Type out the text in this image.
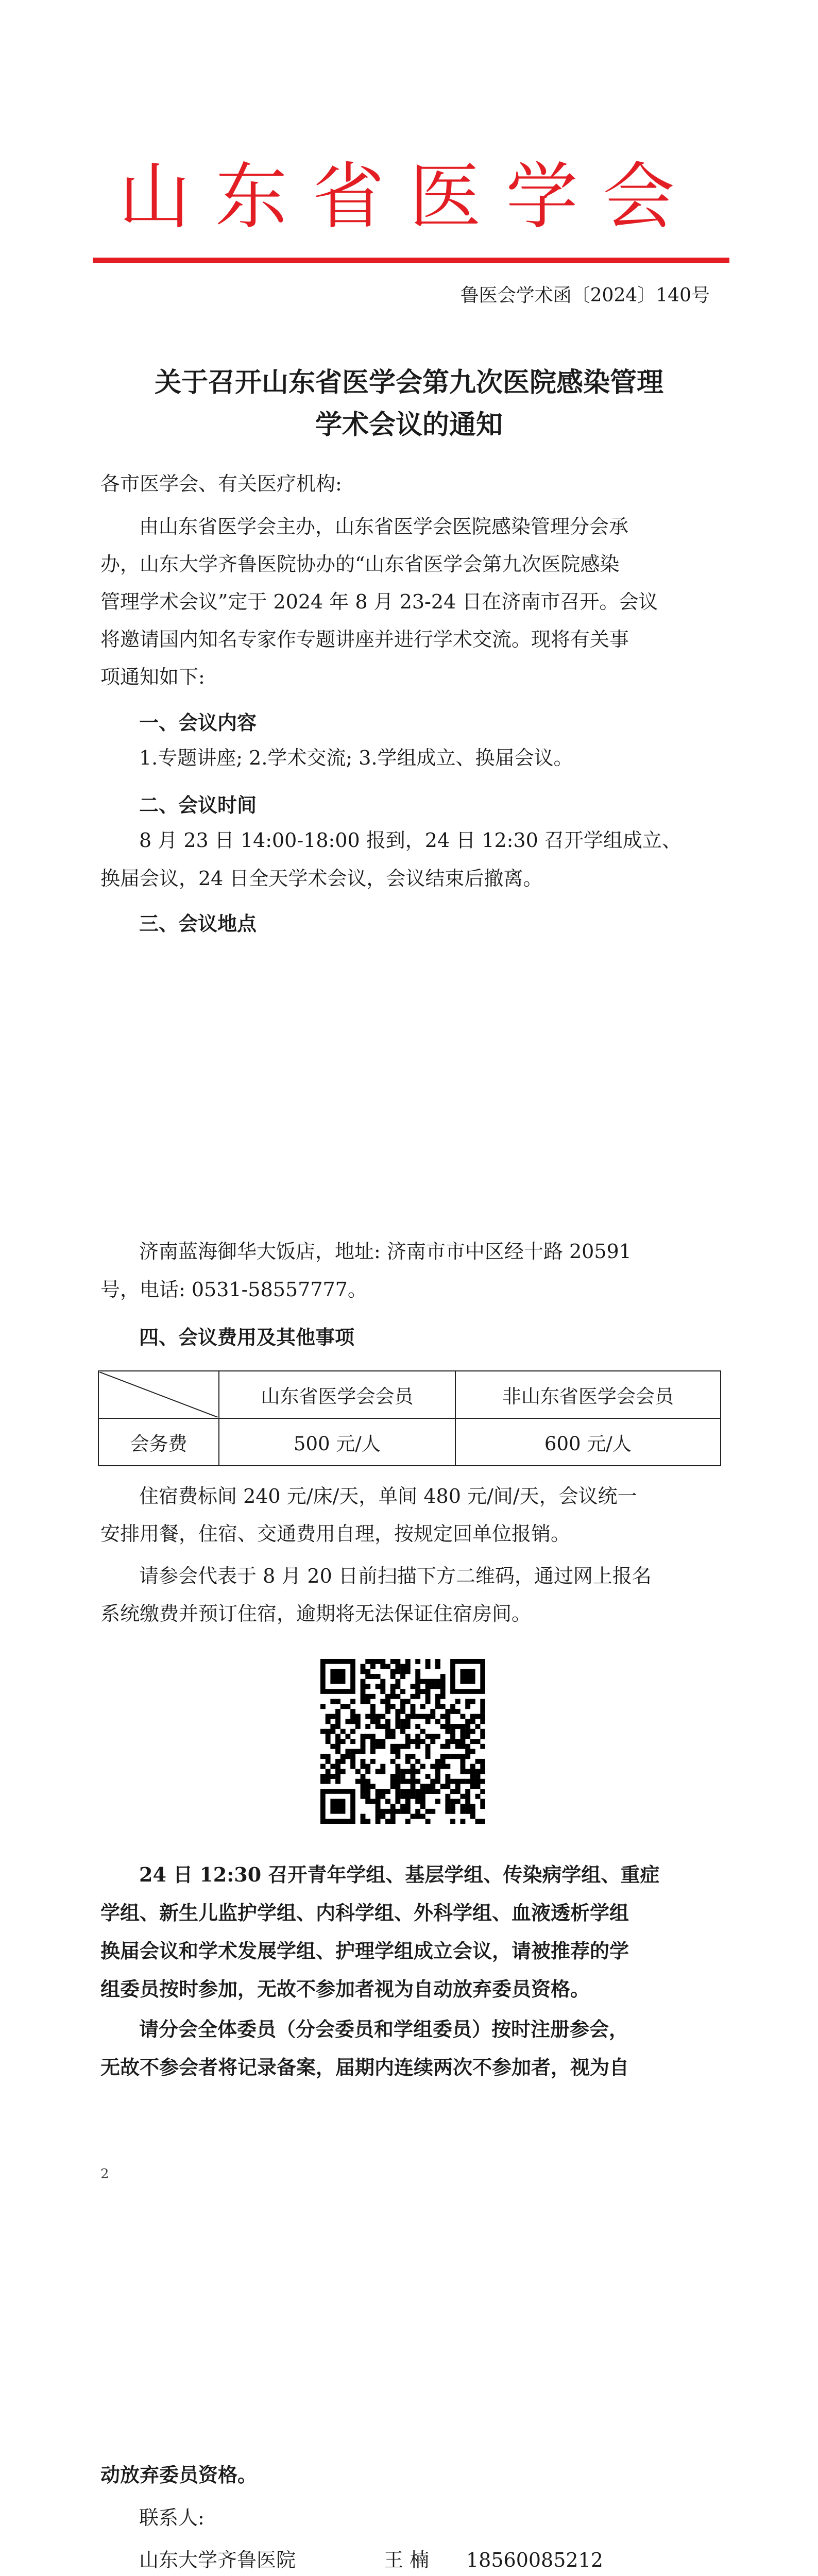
山东省医学会
鲁医会学术函〔2024〕140号
关于召开山东省医学会第九次医院感染管理
学术会议的通知
各市医学会、有关医疗机构:
由山东省医学会主办，山东省医学会医院感染管理分会承
办，山东大学齐鲁医院协办的“山东省医学会第九次医院感染
管理学术会议”定于 2024 年 8 月 23-24 日在济南市召开。会议
将邀请国内知名专家作专题讲座并进行学术交流。现将有关事
项通知如下:
一、会议内容
1.专题讲座; 2.学术交流; 3.学组成立、换届会议。
二、会议时间
8 月 23 日 14:00-18:00 报到，24 日 12:30 召开学组成立、
换届会议，24 日全天学术会议，会议结束后撤离。
三、会议地点
济南蓝海御华大饭店，地址: 济南市市中区经十路 20591
号，电话: 0531-58557777。
四、会议费用及其他事项
	山东省医学会会员	非山东省医学会会员
会务费	500 元/人	600 元/人
住宿费标间 240 元/床/天，单间 480 元/间/天，会议统一
安排用餐，住宿、交通费用自理，按规定回单位报销。
请参会代表于 8 月 20 日前扫描下方二维码，通过网上报名
系统缴费并预订住宿，逾期将无法保证住宿房间。
24 日 12:30 召开青年学组、基层学组、传染病学组、重症
学组、新生儿监护学组、内科学组、外科学组、血液透析学组
换届会议和学术发展学组、护理学组成立会议，请被推荐的学
组委员按时参加，无故不参加者视为自动放弃委员资格。
请分会全体委员（分会委员和学组委员）按时注册参会，
无故不参会者将记录备案，届期内连续两次不参加者，视为自
2
动放弃委员资格。
联系人:
山东大学齐鲁医院	王 楠 18560085212
